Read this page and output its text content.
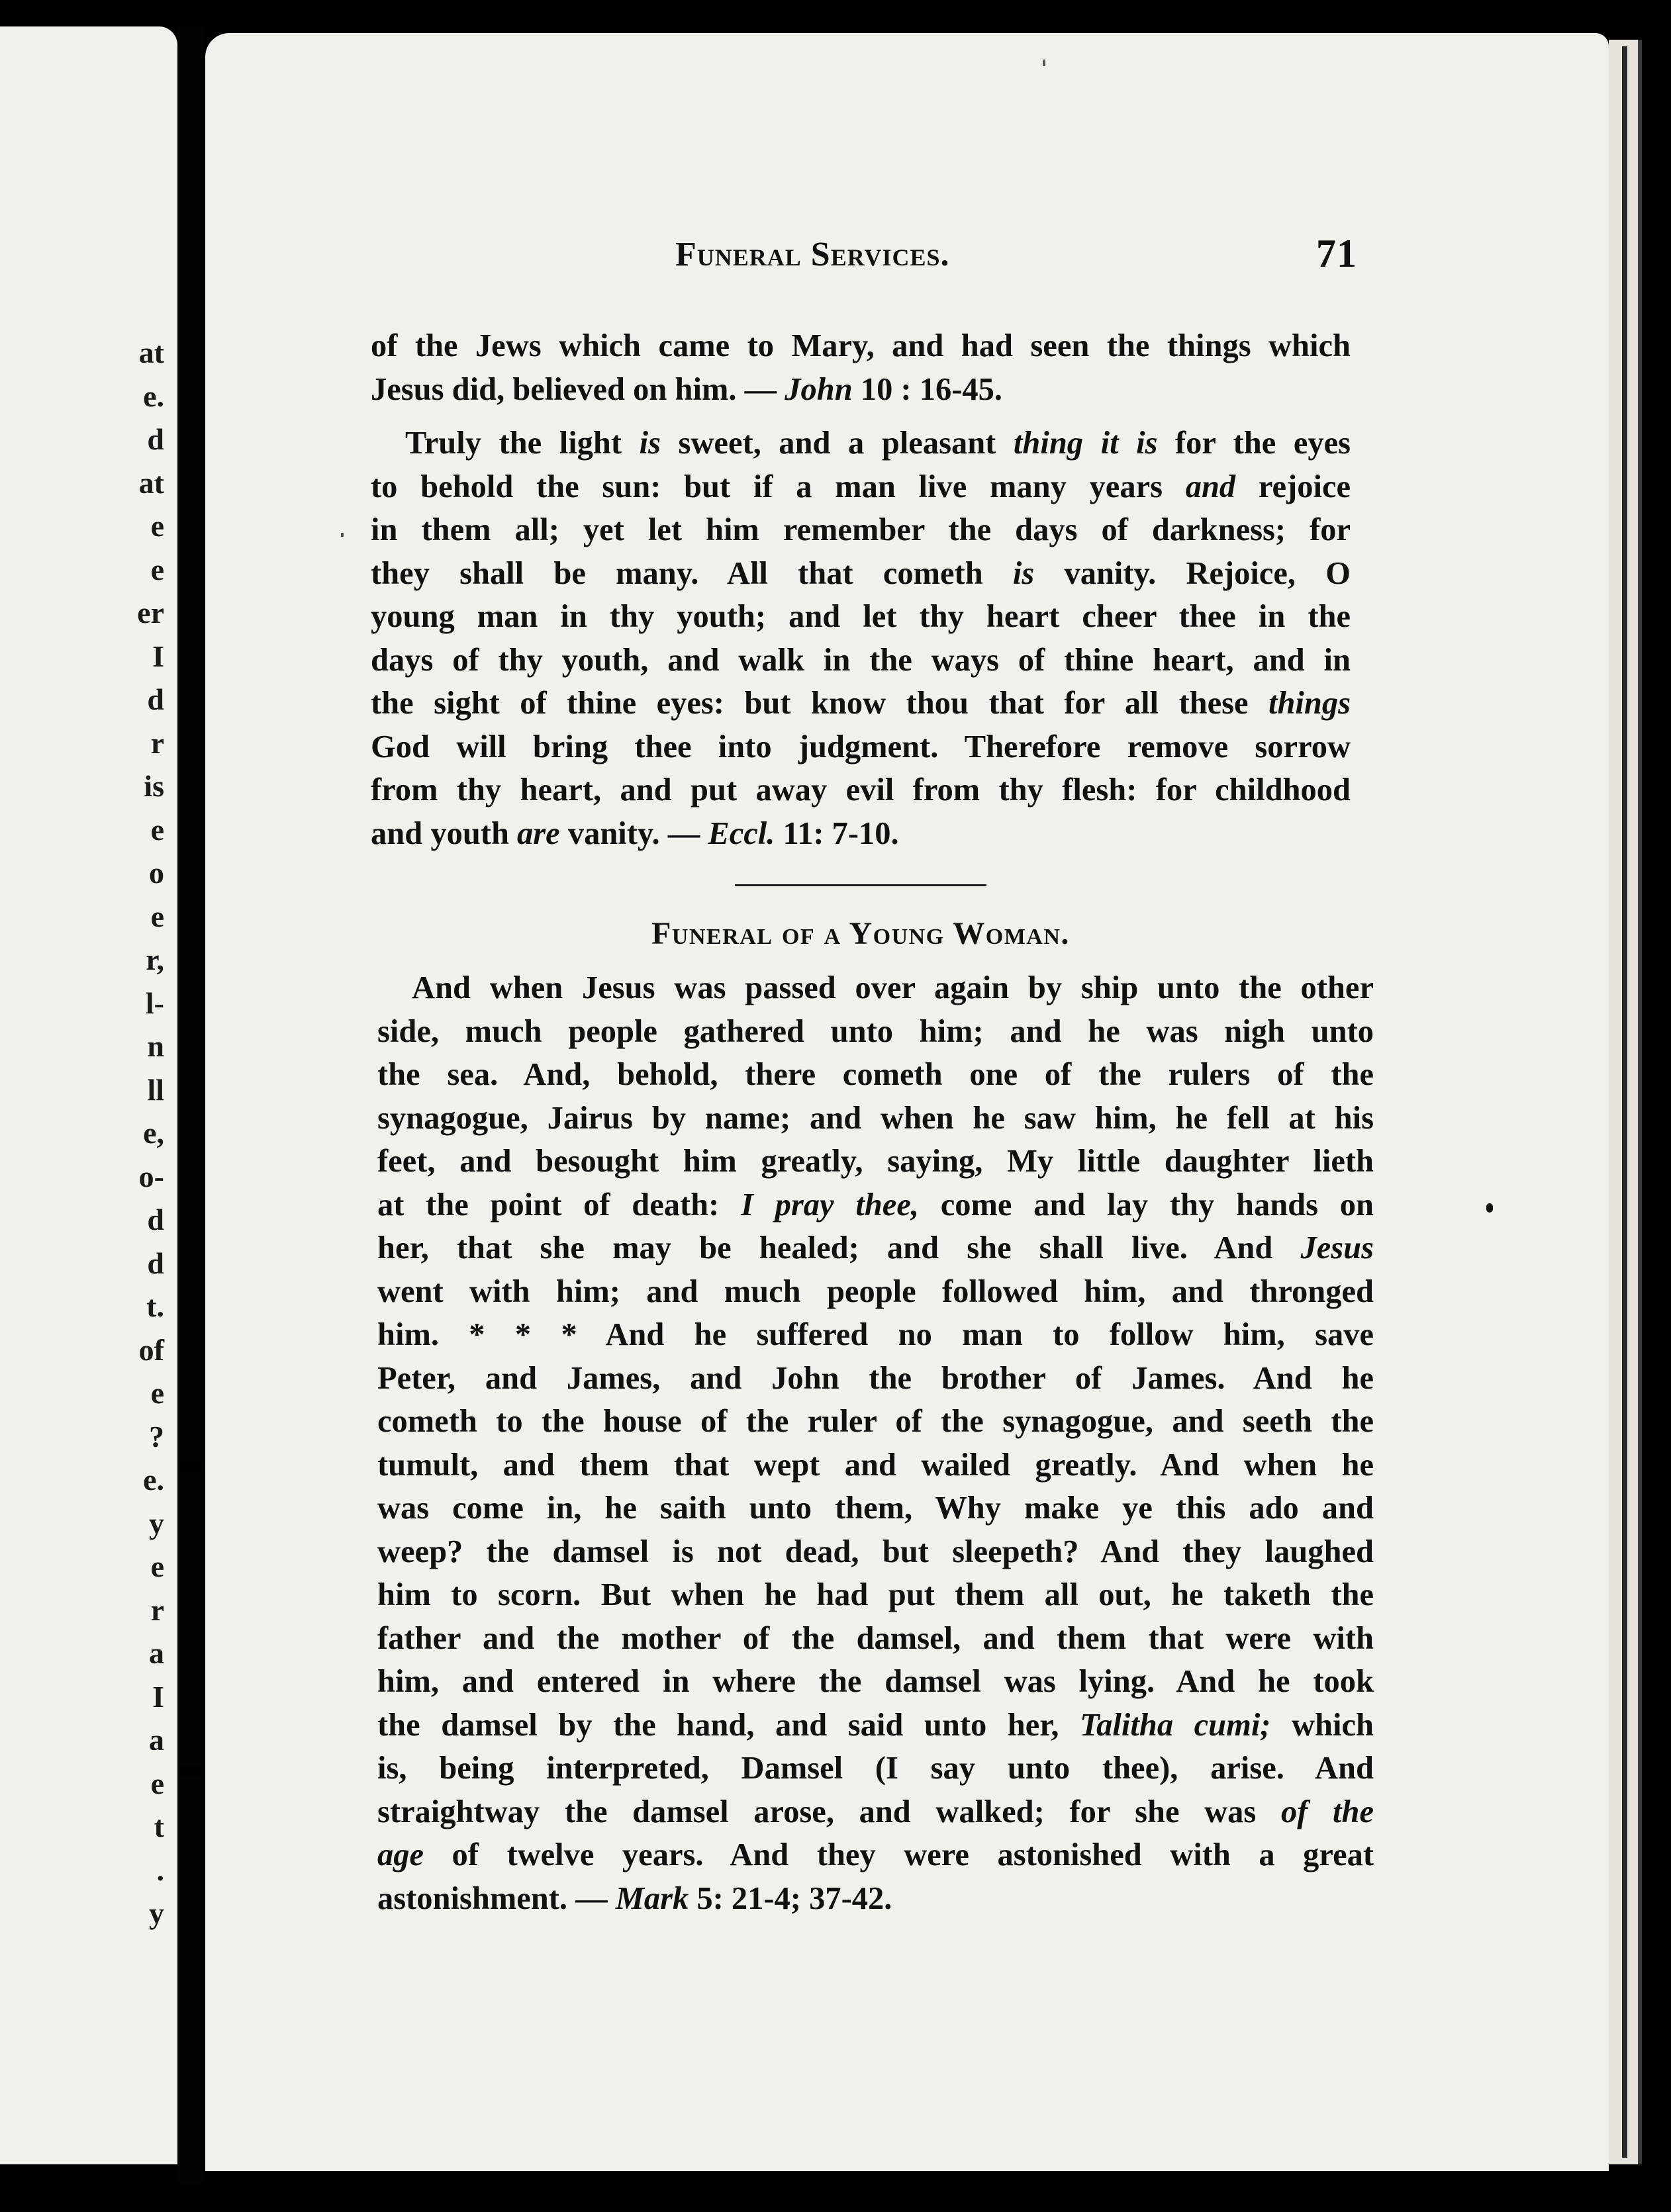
at
e.
d
at
e
e
er
I
d
r
is
e
o
e
r,
l-
n
ll
e,
o-
d
d
t.
of
e
?
e.
y
e
r
a
I
a
e
t
.
y
Funeral Services.	71
of the Jews which came to Mary, and had seen the things which
Jesus did, believed on him. — John 10 : 16-45.
Truly the light is sweet, and a pleasant thing it is for the eyes
to behold the sun: but if a man live many years and rejoice
in them all; yet let him remember the days of darkness; for
they shall be many. All that cometh is vanity. Rejoice, O
young man in thy youth; and let thy heart cheer thee in the
days of thy youth, and walk in the ways of thine heart, and in
the sight of thine eyes: but know thou that for all these things
God will bring thee into judgment. Therefore remove sorrow
from thy heart, and put away evil from thy flesh: for childhood
and youth are vanity. — Eccl. 11: 7-10.
Funeral of a Young Woman.
And when Jesus was passed over again by ship unto the other
side, much people gathered unto him; and he was nigh unto
the sea. And, behold, there cometh one of the rulers of the
synagogue, Jairus by name; and when he saw him, he fell at his
feet, and besought him greatly, saying, My little daughter lieth
at the point of death: I pray thee, come and lay thy hands on
her, that she may be healed; and she shall live. And Jesus
went with him; and much people followed him, and thronged
him. * * * And he suffered no man to follow him, save
Peter, and James, and John the brother of James. And he
cometh to the house of the ruler of the synagogue, and seeth the
tumult, and them that wept and wailed greatly. And when he
was come in, he saith unto them, Why make ye this ado and
weep? the damsel is not dead, but sleepeth? And they laughed
him to scorn. But when he had put them all out, he taketh the
father and the mother of the damsel, and them that were with
him, and entered in where the damsel was lying. And he took
the damsel by the hand, and said unto her, Talitha cumi; which
is, being interpreted, Damsel (I say unto thee), arise. And
straightway the damsel arose, and walked; for she was of the
age of twelve years. And they were astonished with a great
astonishment. — Mark 5: 21-4; 37-42.
